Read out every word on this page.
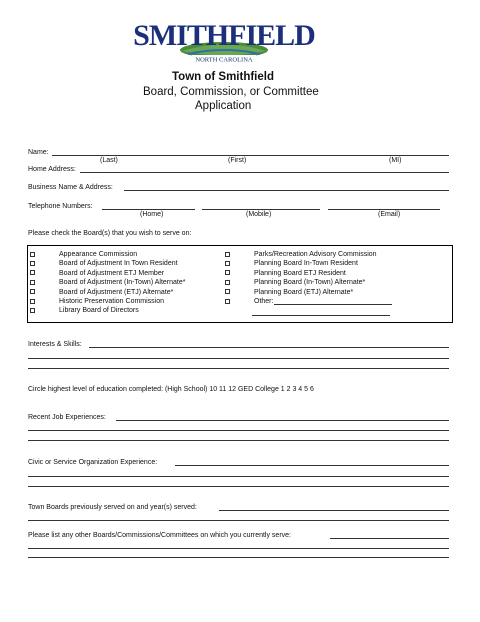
SMITHFIELD
NORTH CAROLINA
Town of Smithfield
Board, Commission, or Committee
Application
Name:
(Last)	(First)	(MI)
Home Address:
Business Name & Address:
Telephone Numbers:
(Home)	(Mobile)	(Email)
Please check the Board(s) that you wish to serve on:
Appearance Commission
Board of Adjustment In Town Resident
Board of Adjustment ETJ Member
Board of Adjustment (In-Town) Alternate*
Board of Adjustment (ETJ) Alternate*
Historic Preservation Commission
Library Board of Directors
Parks/Recreation Advisory Commission
Planning Board In-Town Resident
Planning Board ETJ Resident
Planning Board (In-Town) Alternate*
Planning Board (ETJ) Alternate*
Other:
Interests & Skills:
Circle highest level of education completed: (High School) 10 11 12 GED College 1 2 3 4 5 6
Recent Job Experiences:
Civic or Service Organization Experience:
Town Boards previously served on and year(s) served:
Please list any other Boards/Commissions/Committees on which you currently serve:
